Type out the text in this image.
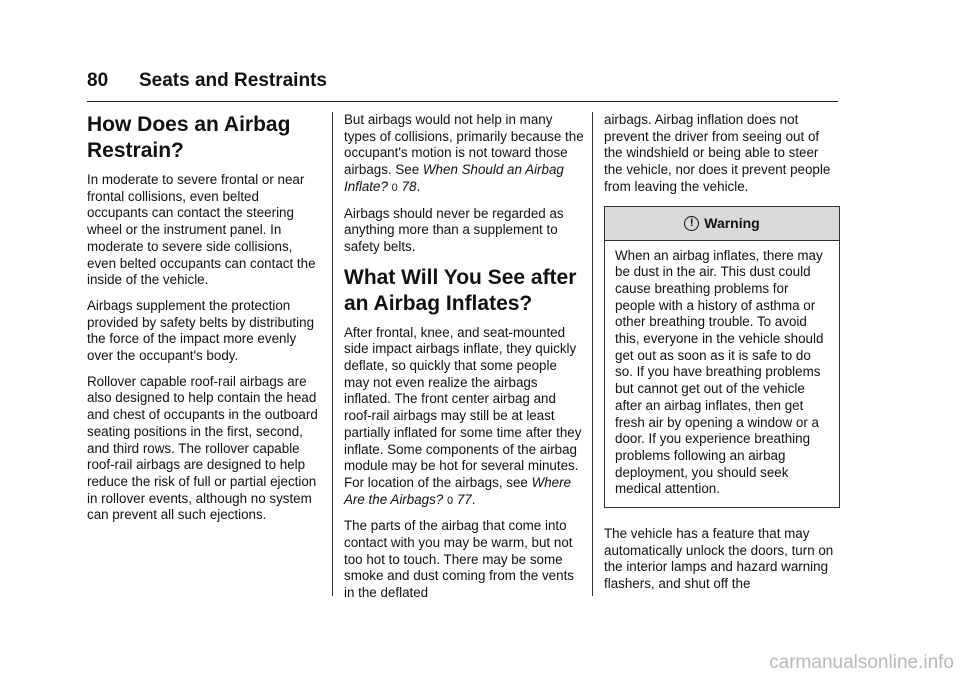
80 Seats and Restraints
How Does an Airbag Restrain?

In moderate to severe frontal or near frontal collisions, even belted occupants can contact the steering wheel or the instrument panel. In moderate to severe side collisions, even belted occupants can contact the inside of the vehicle.

Airbags supplement the protection provided by safety belts by distributing the force of the impact more evenly over the occupant's body.

Rollover capable roof-rail airbags are also designed to help contain the head and chest of occupants in the outboard seating positions in the first, second, and third rows. The rollover capable roof-rail airbags are designed to help reduce the risk of full or partial ejection in rollover events, although no system can prevent all such ejections.

But airbags would not help in many types of collisions, primarily because the occupant's motion is not toward those airbags. See When Should an Airbag Inflate? 0 78.

Airbags should never be regarded as anything more than a supplement to safety belts.

What Will You See after an Airbag Inflates?

After frontal, knee, and seat-mounted side impact airbags inflate, they quickly deflate, so quickly that some people may not even realize the airbags inflated. The front center airbag and roof-rail airbags may still be at least partially inflated for some time after they inflate. Some components of the airbag module may be hot for several minutes. For location of the airbags, see Where Are the Airbags? 0 77.

The parts of the airbag that come into contact with you may be warm, but not too hot to touch. There may be some smoke and dust coming from the vents in the deflated

airbags. Airbag inflation does not prevent the driver from seeing out of the windshield or being able to steer the vehicle, nor does it prevent people from leaving the vehicle.

! Warning
When an airbag inflates, there may be dust in the air. This dust could cause breathing problems for people with a history of asthma or other breathing trouble. To avoid this, everyone in the vehicle should get out as soon as it is safe to do so. If you have breathing problems but cannot get out of the vehicle after an airbag inflates, then get fresh air by opening a window or a door. If you experience breathing problems following an airbag deployment, you should seek medical attention.

The vehicle has a feature that may automatically unlock the doors, turn on the interior lamps and hazard warning flashers, and shut off the

carmanualsonline.info
